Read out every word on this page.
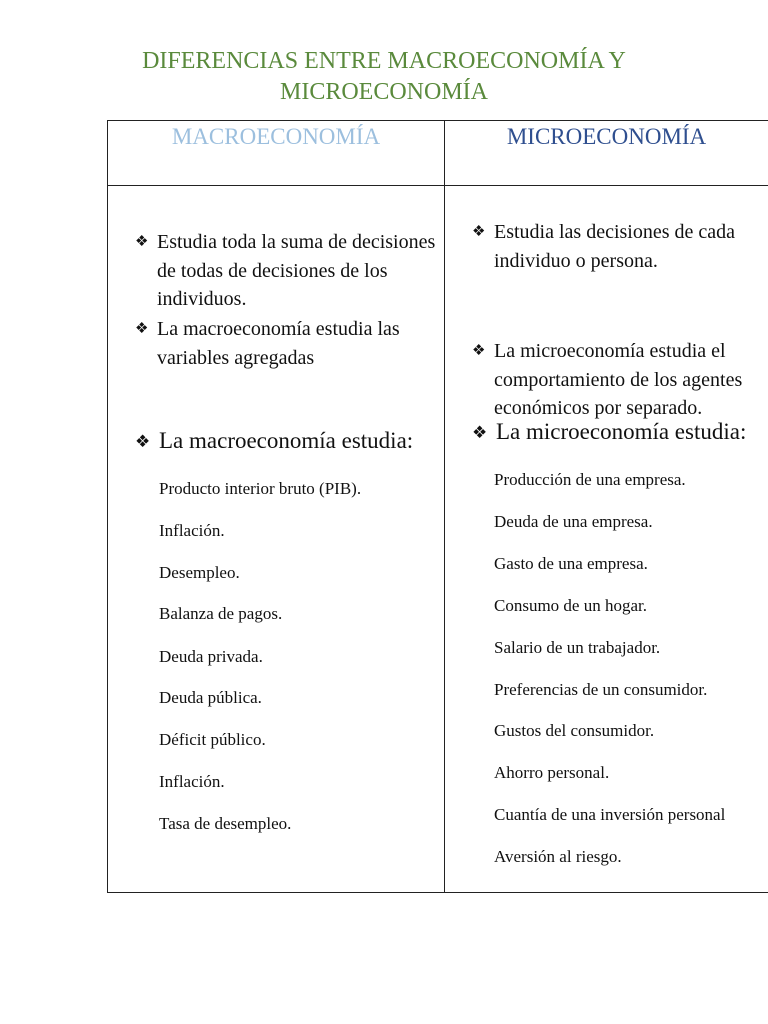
DIFERENCIAS ENTRE MACROECONOMÍA Y
MICROECONOMÍA
MACROECONOMÍA	MICROECONOMÍA
❖ Estudia toda la suma de decisiones de todas de decisiones de los individuos.
❖ La macroeconomía estudia las variables agregadas
❖ La macroeconomía estudia:
Producto interior bruto (PIB).
Inflación.
Desempleo.
Balanza de pagos.
Deuda privada.
Deuda pública.
Déficit público.
Inflación.
Tasa de desempleo.
❖ Estudia las decisiones de cada individuo o persona.
❖ La microeconomía estudia el comportamiento de los agentes económicos por separado.
❖ La microeconomía estudia:
Producción de una empresa.
Deuda de una empresa.
Gasto de una empresa.
Consumo de un hogar.
Salario de un trabajador.
Preferencias de un consumidor.
Gustos del consumidor.
Ahorro personal.
Cuantía de una inversión personal
Aversión al riesgo.
